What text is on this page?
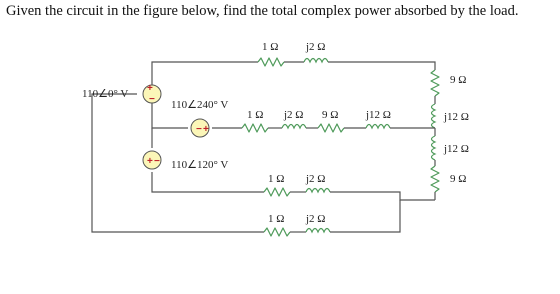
Given the circuit in the figure below, find the total complex power absorbed by the load.
+
−
− +
+ −
110∠0° V
110∠240° V
110∠120° V
1 Ω	j2 Ω
1 Ω j2 Ω 9 Ω	j12 Ω
1 Ω j2 Ω
1 Ω j2 Ω
9 Ω
j12 Ω
j12 Ω
9 Ω
